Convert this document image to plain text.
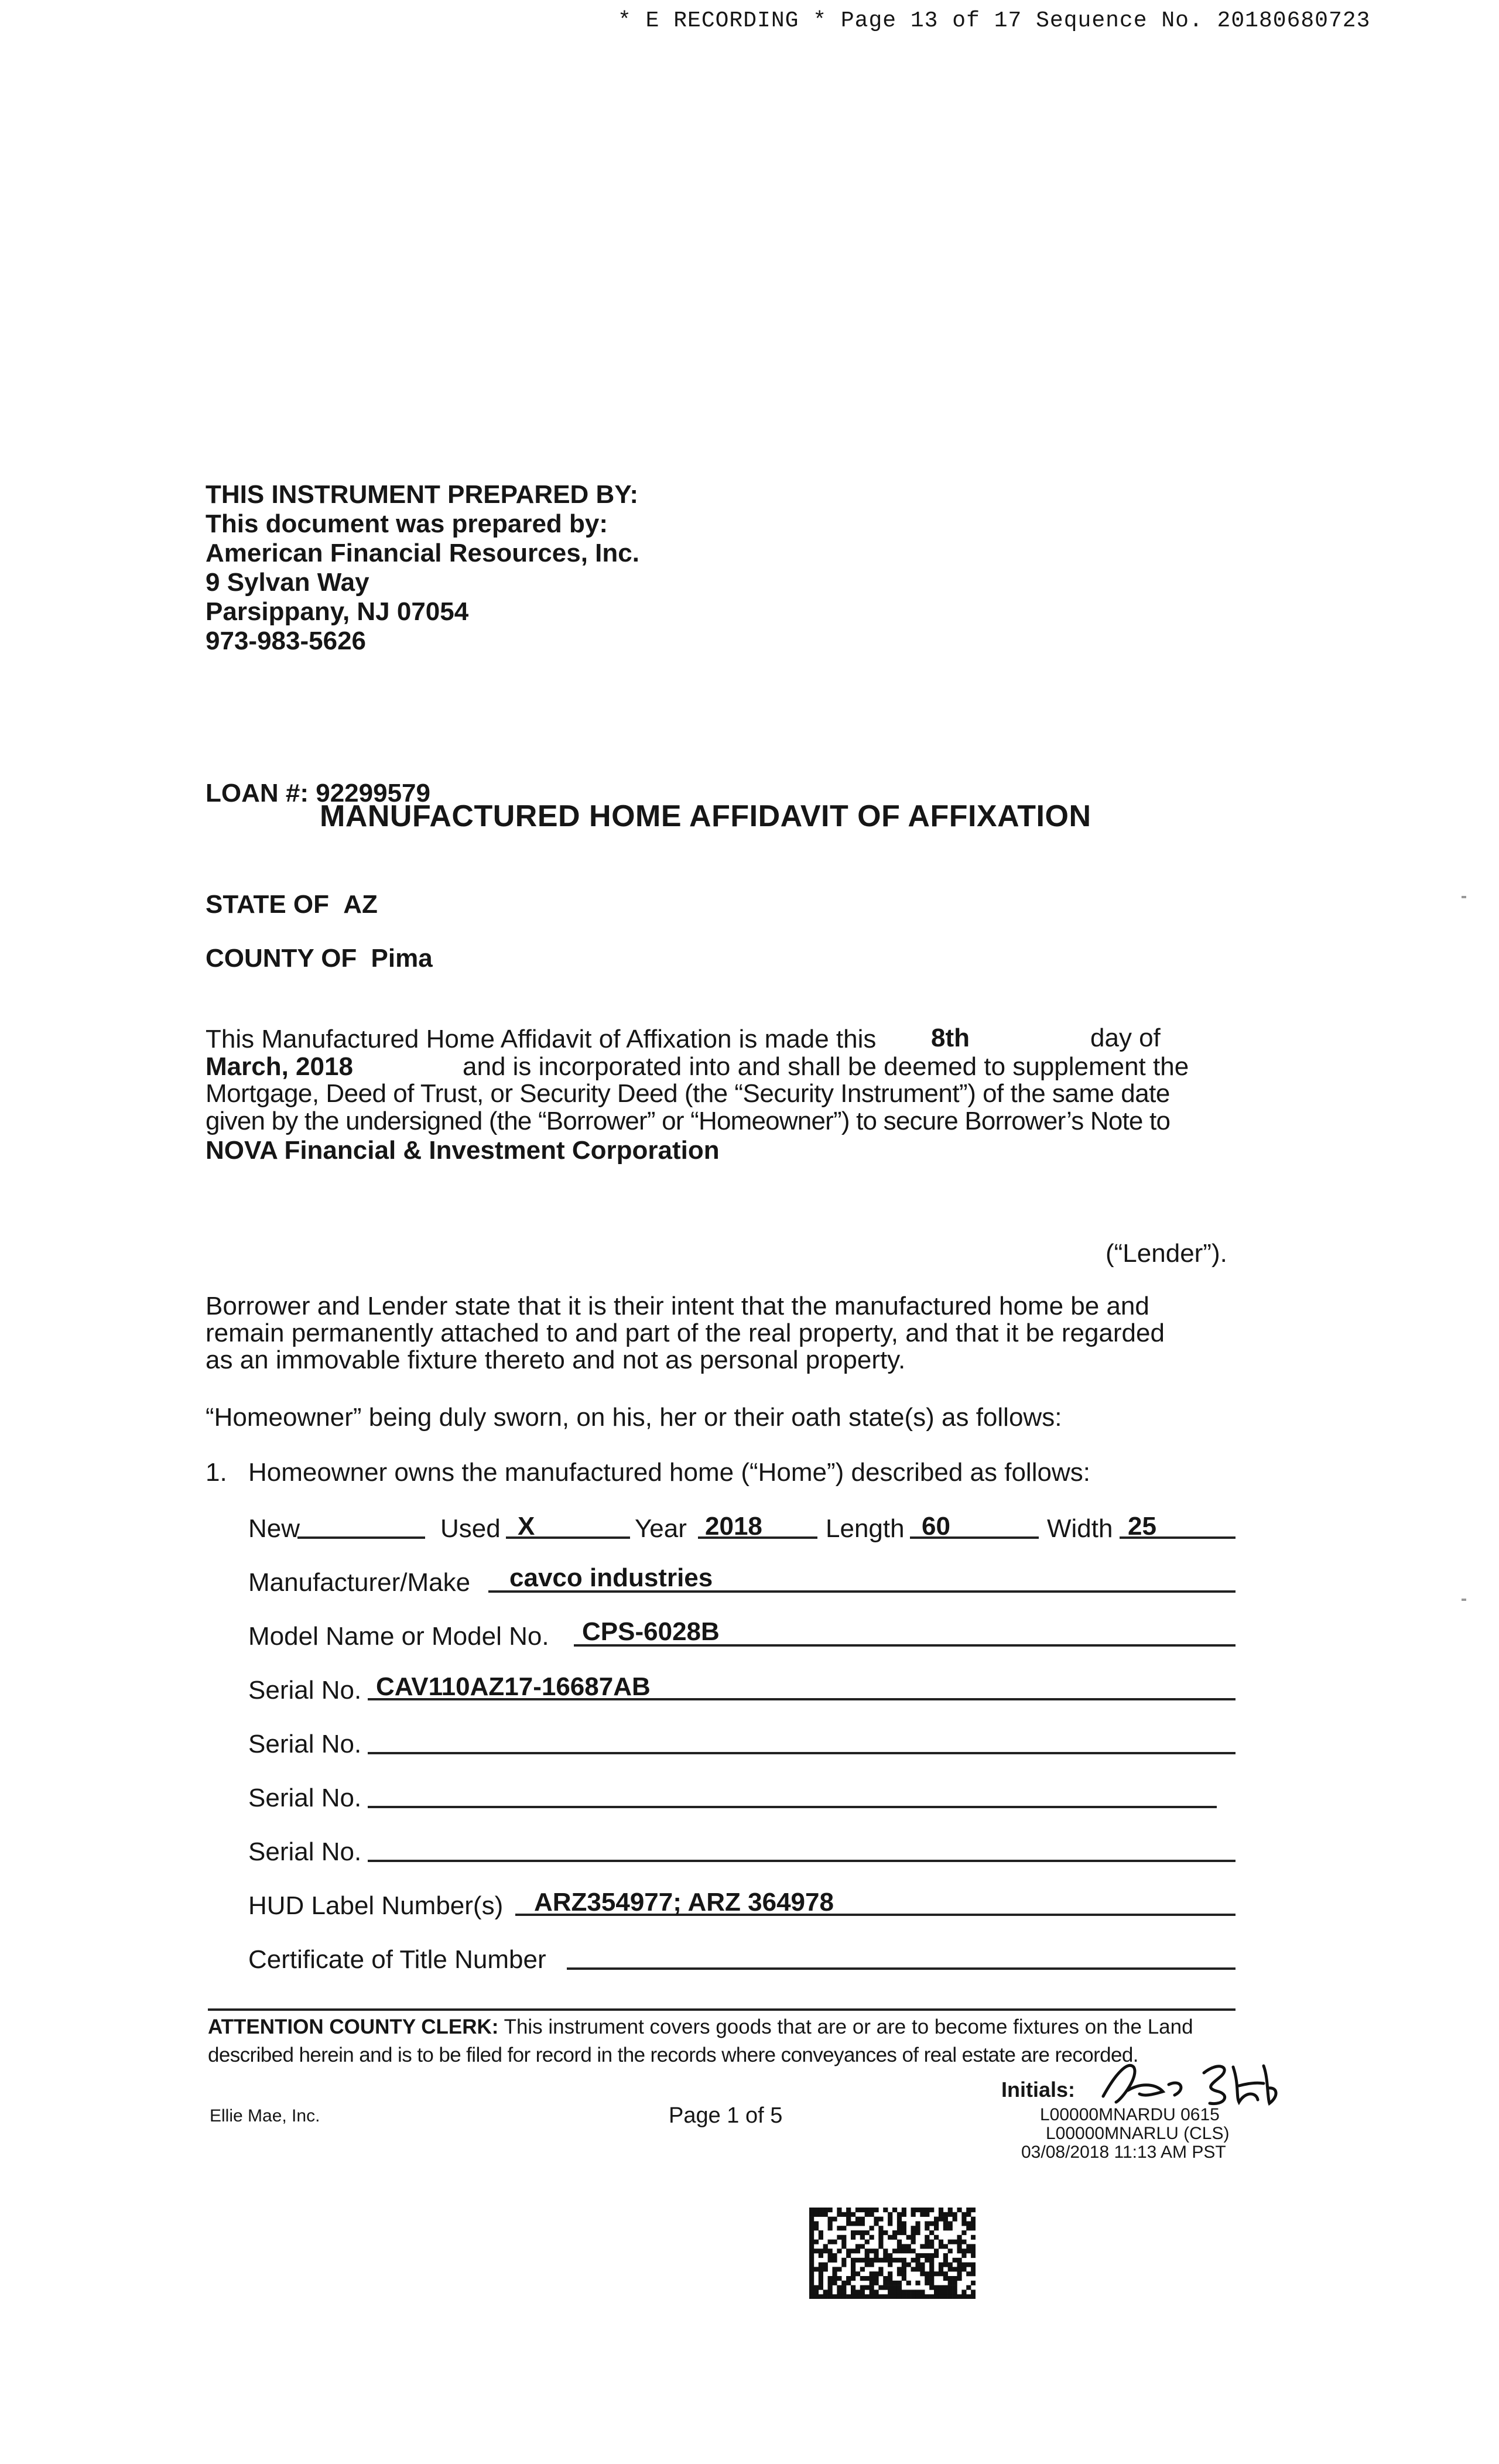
* E RECORDING * Page 13 of 17 Sequence No. 20180680723
THIS INSTRUMENT PREPARED BY:
This document was prepared by:
American Financial Resources, Inc.
9 Sylvan Way
Parsippany, NJ 07054
973-983-5626
LOAN #: 92299579
MANUFACTURED HOME AFFIDAVIT OF AFFIXATION
STATE OF AZ
COUNTY OF Pima
This Manufactured Home Affidavit of Affixation is made this 8th	day of
March, 2018	and is incorporated into and shall be deemed to supplement the
Mortgage, Deed of Trust, or Security Deed (the “Security Instrument”) of the same date
given by the undersigned (the “Borrower” or “Homeowner”) to secure Borrower’s Note to
NOVA Financial & Investment Corporation
(“Lender”).
Borrower and Lender state that it is their intent that the manufactured home be and
remain permanently attached to and part of the real property, and that it be regarded
as an immovable fixture thereto and not as personal property.
“Homeowner” being duly sworn, on his, her or their oath state(s) as follows:
1. Homeowner owns the manufactured home (“Home”) described as follows:
New	Used X	Year 2018 Length 60	Width 25
Manufacturer/Make cavco industries
Model Name or Model No. CPS-6028B
Serial No. CAV110AZ17-16687AB
Serial No.
Serial No.
Serial No.
HUD Label Number(s) ARZ354977; ARZ 364978
Certificate of Title Number
ATTENTION COUNTY CLERK: This instrument covers goods that are or are to become fixtures on the Land
described herein and is to be filed for record in the records where conveyances of real estate are recorded.
Initials:
Ellie Mae, Inc.	Page 1 of 5	L00000MNARDU 0615
L00000MNARLU (CLS)
03/08/2018 11:13 AM PST
